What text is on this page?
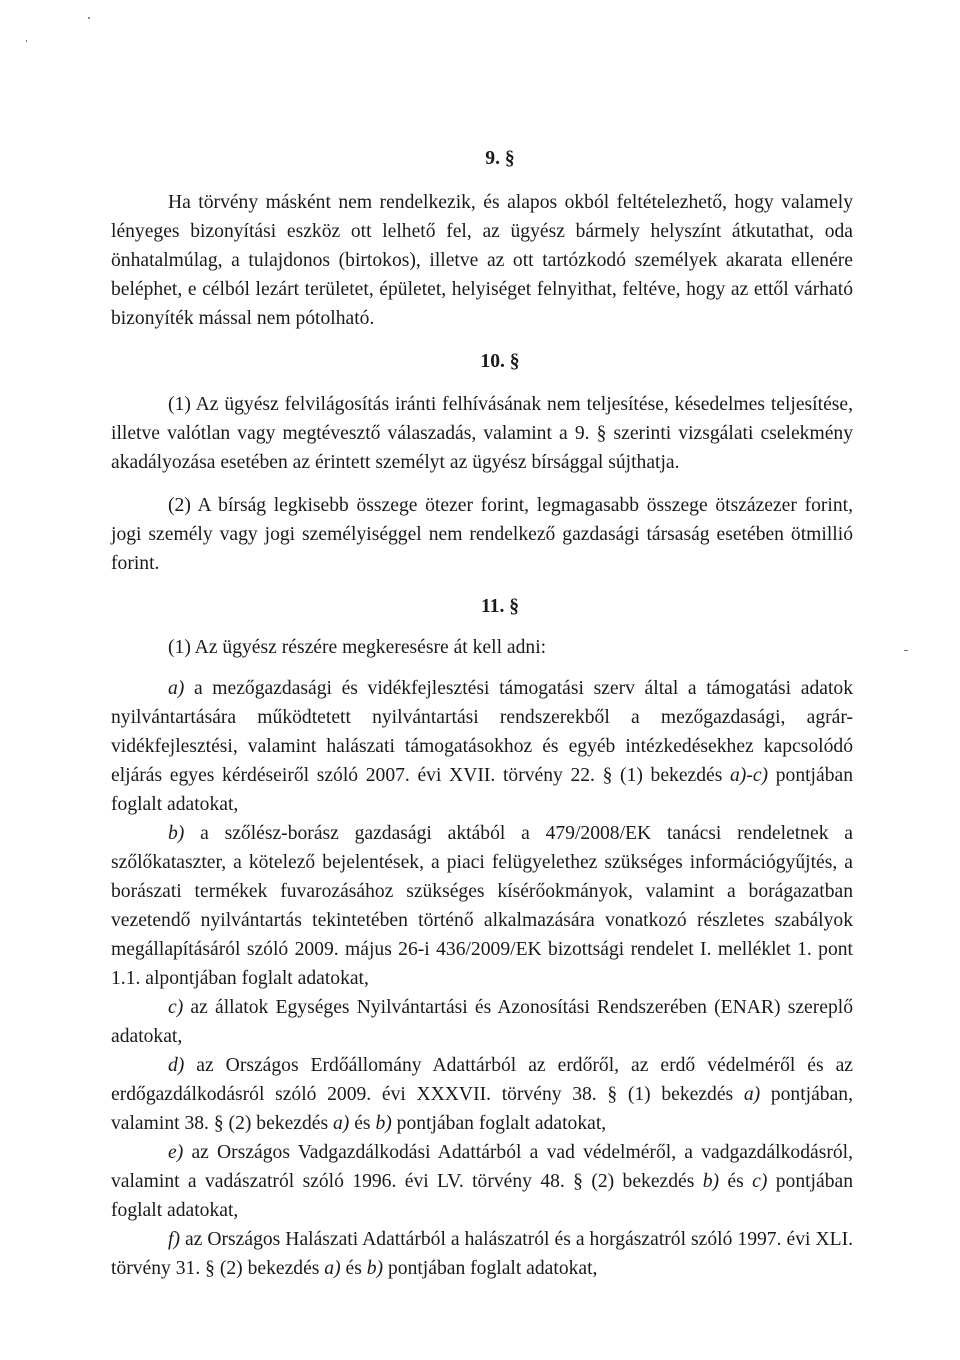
9. §

Ha törvény másként nem rendelkezik, és alapos okból feltételezhető, hogy valamely lényeges bizonyítási eszköz ott lelhető fel, az ügyész bármely helyszínt átkutathat, oda önhatalmúlag, a tulajdonos (birtokos), illetve az ott tartózkodó személyek akarata ellenére beléphet, e célból lezárt területet, épületet, helyiséget felnyithat, feltéve, hogy az ettől várható bizonyíték mással nem pótolható.

10. §

(1) Az ügyész felvilágosítás iránti felhívásának nem teljesítése, késedelmes teljesítése, illetve valótlan vagy megtévesztő válaszadás, valamint a 9. § szerinti vizsgálati cselekmény akadályozása esetében az érintett személyt az ügyész bírsággal sújthatja.

(2) A bírság legkisebb összege ötezer forint, legmagasabb összege ötszázezer forint, jogi személy vagy jogi személyiséggel nem rendelkező gazdasági társaság esetében ötmillió forint.

11. §

(1) Az ügyész részére megkeresésre át kell adni:

a) a mezőgazdasági és vidékfejlesztési támogatási szerv által a támogatási adatok nyilvántartására működtetett nyilvántartási rendszerekből a mezőgazdasági, agrár-vidékfejlesztési, valamint halászati támogatásokhoz és egyéb intézkedésekhez kapcsolódó eljárás egyes kérdéseiről szóló 2007. évi XVII. törvény 22. § (1) bekezdés a)-c) pontjában foglalt adatokat,

b) a szőlész-borász gazdasági aktából a 479/2008/EK tanácsi rendeletnek a szőlőkataszter, a kötelező bejelentések, a piaci felügyelethez szükséges információgyűjtés, a borászati termékek fuvarozásához szükséges kísérőokmányok, valamint a borágazatban vezetendő nyilvántartás tekintetében történő alkalmazására vonatkozó részletes szabályok megállapításáról szóló 2009. május 26-i 436/2009/EK bizottsági rendelet I. melléklet 1. pont 1.1. alpontjában foglalt adatokat,

c) az állatok Egységes Nyilvántartási és Azonosítási Rendszerében (ENAR) szereplő adatokat,

d) az Országos Erdőállomány Adattárból az erdőről, az erdő védelméről és az erdőgazdálkodásról szóló 2009. évi XXXVII. törvény 38. § (1) bekezdés a) pontjában, valamint 38. § (2) bekezdés a) és b) pontjában foglalt adatokat,

e) az Országos Vadgazdálkodási Adattárból a vad védelméről, a vadgazdálkodásról, valamint a vadászatról szóló 1996. évi LV. törvény 48. § (2) bekezdés b) és c) pontjában foglalt adatokat,

f) az Országos Halászati Adattárból a halászatról és a horgászatról szóló 1997. évi XLI. törvény 31. § (2) bekezdés a) és b) pontjában foglalt adatokat,
